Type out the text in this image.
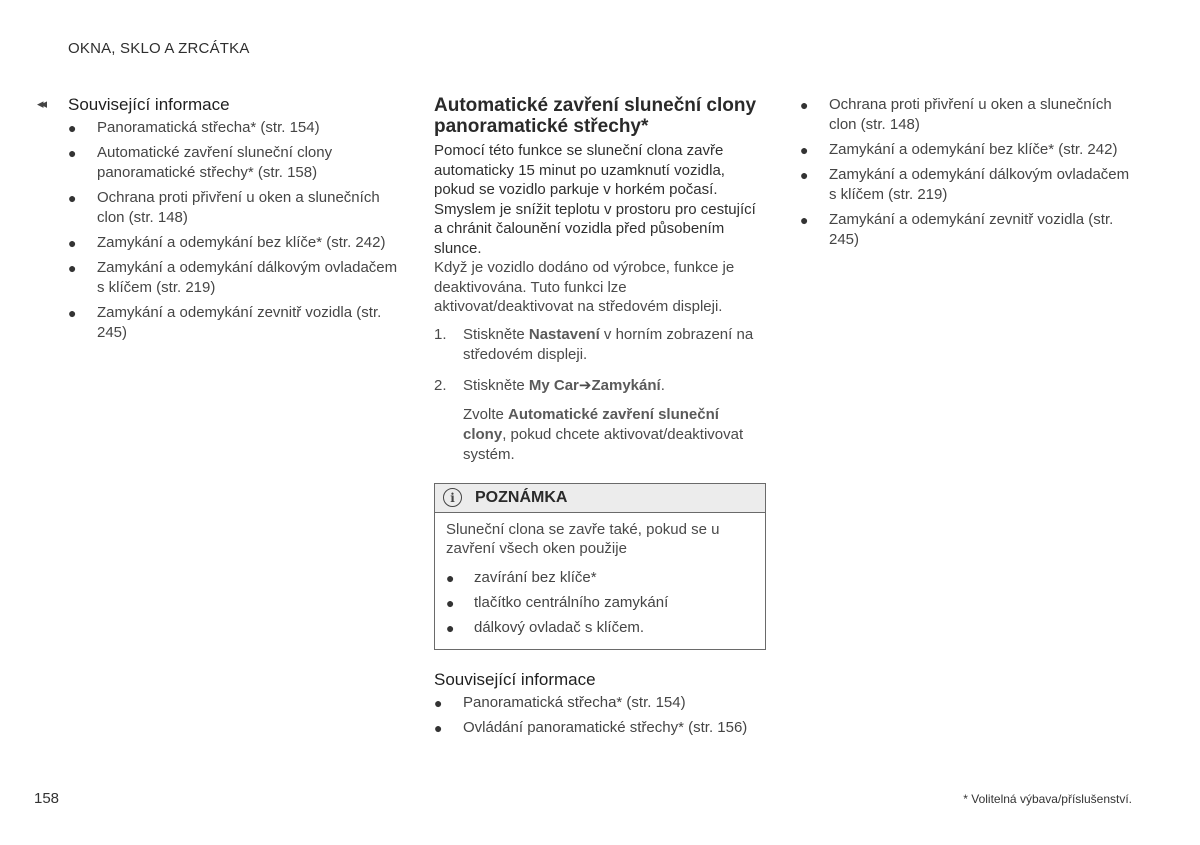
OKNA, SKLO A ZRCÁTKA
◂◂ Související informace
● Panoramatická střecha* (str. 154)
● Automatické zavření sluneční clony panoramatické střechy* (str. 158)
● Ochrana proti přivření u oken a slunečních clon (str. 148)
● Zamykání a odemykání bez klíče* (str. 242)
● Zamykání a odemykání dálkovým ovladačem s klíčem (str. 219)
● Zamykání a odemykání zevnitř vozidla (str. 245)
Automatické zavření sluneční clony panoramatické střechy*

Pomocí této funkce se sluneční clona zavře automaticky 15 minut po uzamknutí vozidla, pokud se vozidlo parkuje v horkém počasí. Smyslem je snížit teplotu v prostoru pro cestující a chránit čalounění vozidla před působením slunce.

Když je vozidlo dodáno od výrobce, funkce je deaktivována. Tuto funkci lze aktivovat/deaktivovat na středovém displeji.

1. Stiskněte Nastavení v horním zobrazení na středovém displeji.
2. Stiskněte My Car➔Zamykání.
Zvolte Automatické zavření sluneční clony, pokud chcete aktivovat/deaktivovat systém.
i	POZNÁMKA

Sluneční clona se zavře také, pokud se u zavření všech oken použije

● zavírání bez klíče*
● tlačítko centrálního zamykání
● dálkový ovladač s klíčem.
Související informace
● Panoramatická střecha* (str. 154)
● Ovládání panoramatické střechy* (str. 156)
● Ochrana proti přivření u oken a slunečních clon (str. 148)
● Zamykání a odemykání bez klíče* (str. 242)
● Zamykání a odemykání dálkovým ovladačem s klíčem (str. 219)
● Zamykání a odemykání zevnitř vozidla (str. 245)
158	* Volitelná výbava/příslušenství.
